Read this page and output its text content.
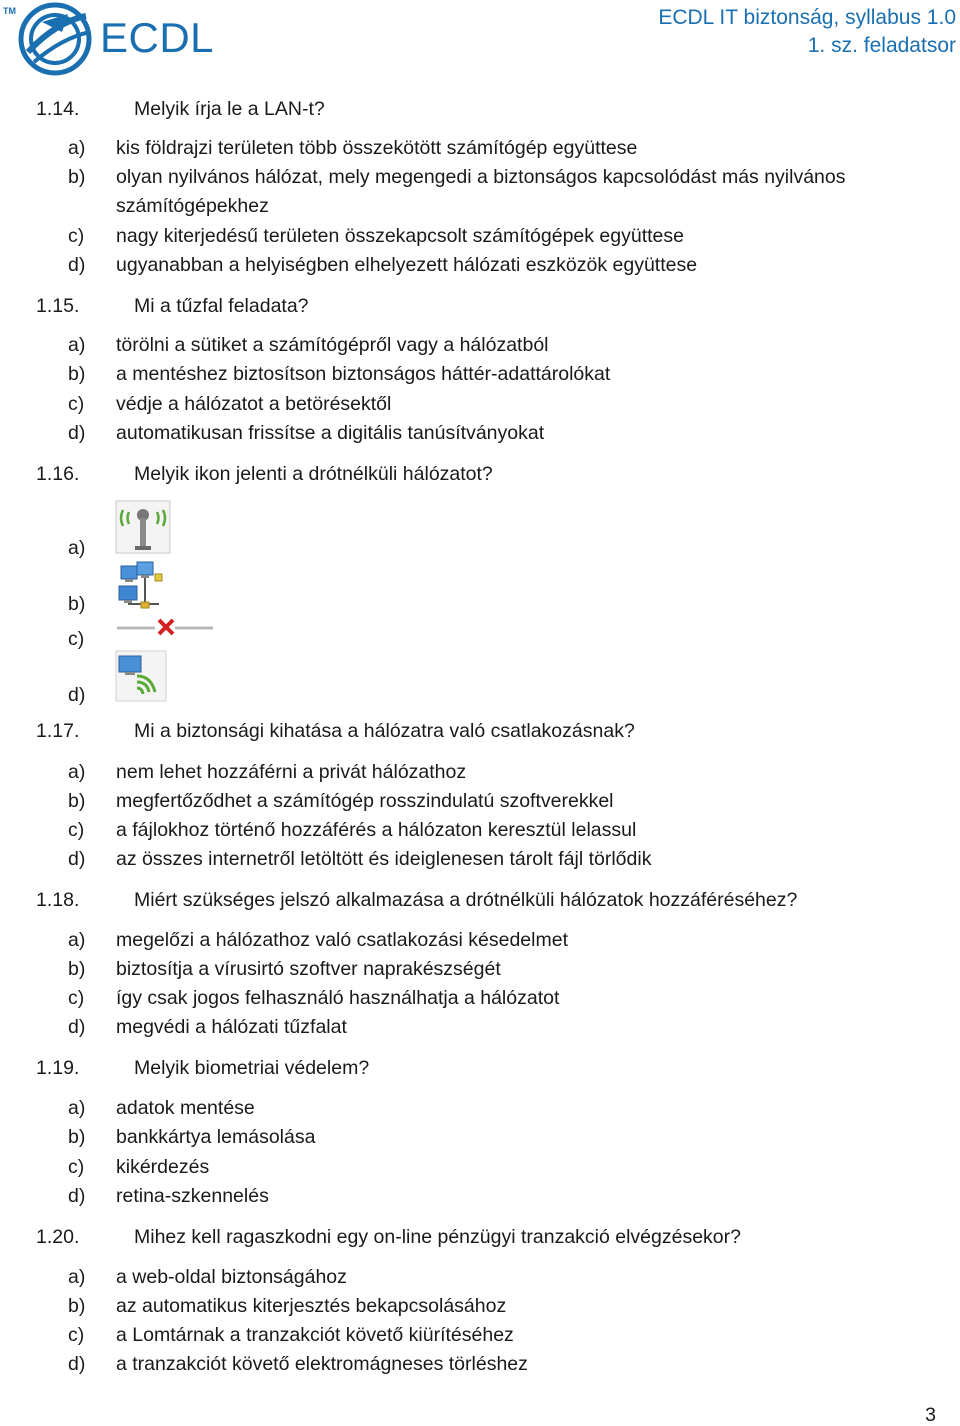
TM
ECDL	ECDL IT biztonság, syllabus 1.0
1. sz. feladatsor
1.14.	Melyik írja le a LAN-t?
a) kis földrajzi területen több összekötött számítógép együttese
b) olyan nyilvános hálózat, mely megengedi a biztonságos kapcsolódást más nyilvános
számítógépekhez
c) nagy kiterjedésű területen összekapcsolt számítógépek együttese
d) ugyanabban a helyiségben elhelyezett hálózati eszközök együttese
1.15.	Mi a tűzfal feladata?
a) törölni a sütiket a számítógépről vagy a hálózatból
b) a mentéshez biztosítson biztonságos háttér-adattárolókat
c) védje a hálózatot a betörésektől
d) automatikusan frissítse a digitális tanúsítványokat
1.16.	Melyik ikon jelenti a drótnélküli hálózatot?
a)
b)
c)
d)
1.17.	Mi a biztonsági kihatása a hálózatra való csatlakozásnak?
a) nem lehet hozzáférni a privát hálózathoz
b) megfertőződhet a számítógép rosszindulatú szoftverekkel
c) a fájlokhoz történő hozzáférés a hálózaton keresztül lelassul
d) az összes internetről letöltött és ideiglenesen tárolt fájl törlődik
1.18.	Miért szükséges jelszó alkalmazása a drótnélküli hálózatok hozzáféréséhez?
a) megelőzi a hálózathoz való csatlakozási késedelmet
b) biztosítja a vírusirtó szoftver naprakészségét
c) így csak jogos felhasználó használhatja a hálózatot
d) megvédi a hálózati tűzfalat
1.19.	Melyik biometriai védelem?
a) adatok mentése
b) bankkártya lemásolása
c) kikérdezés
d) retina-szkennelés
1.20.	Mihez kell ragaszkodni egy on-line pénzügyi tranzakció elvégzésekor?
a) a web-oldal biztonságához
b) az automatikus kiterjesztés bekapcsolásához
c) a Lomtárnak a tranzakciót követő kiürítéséhez
d) a tranzakciót követő elektromágneses törléshez
3
